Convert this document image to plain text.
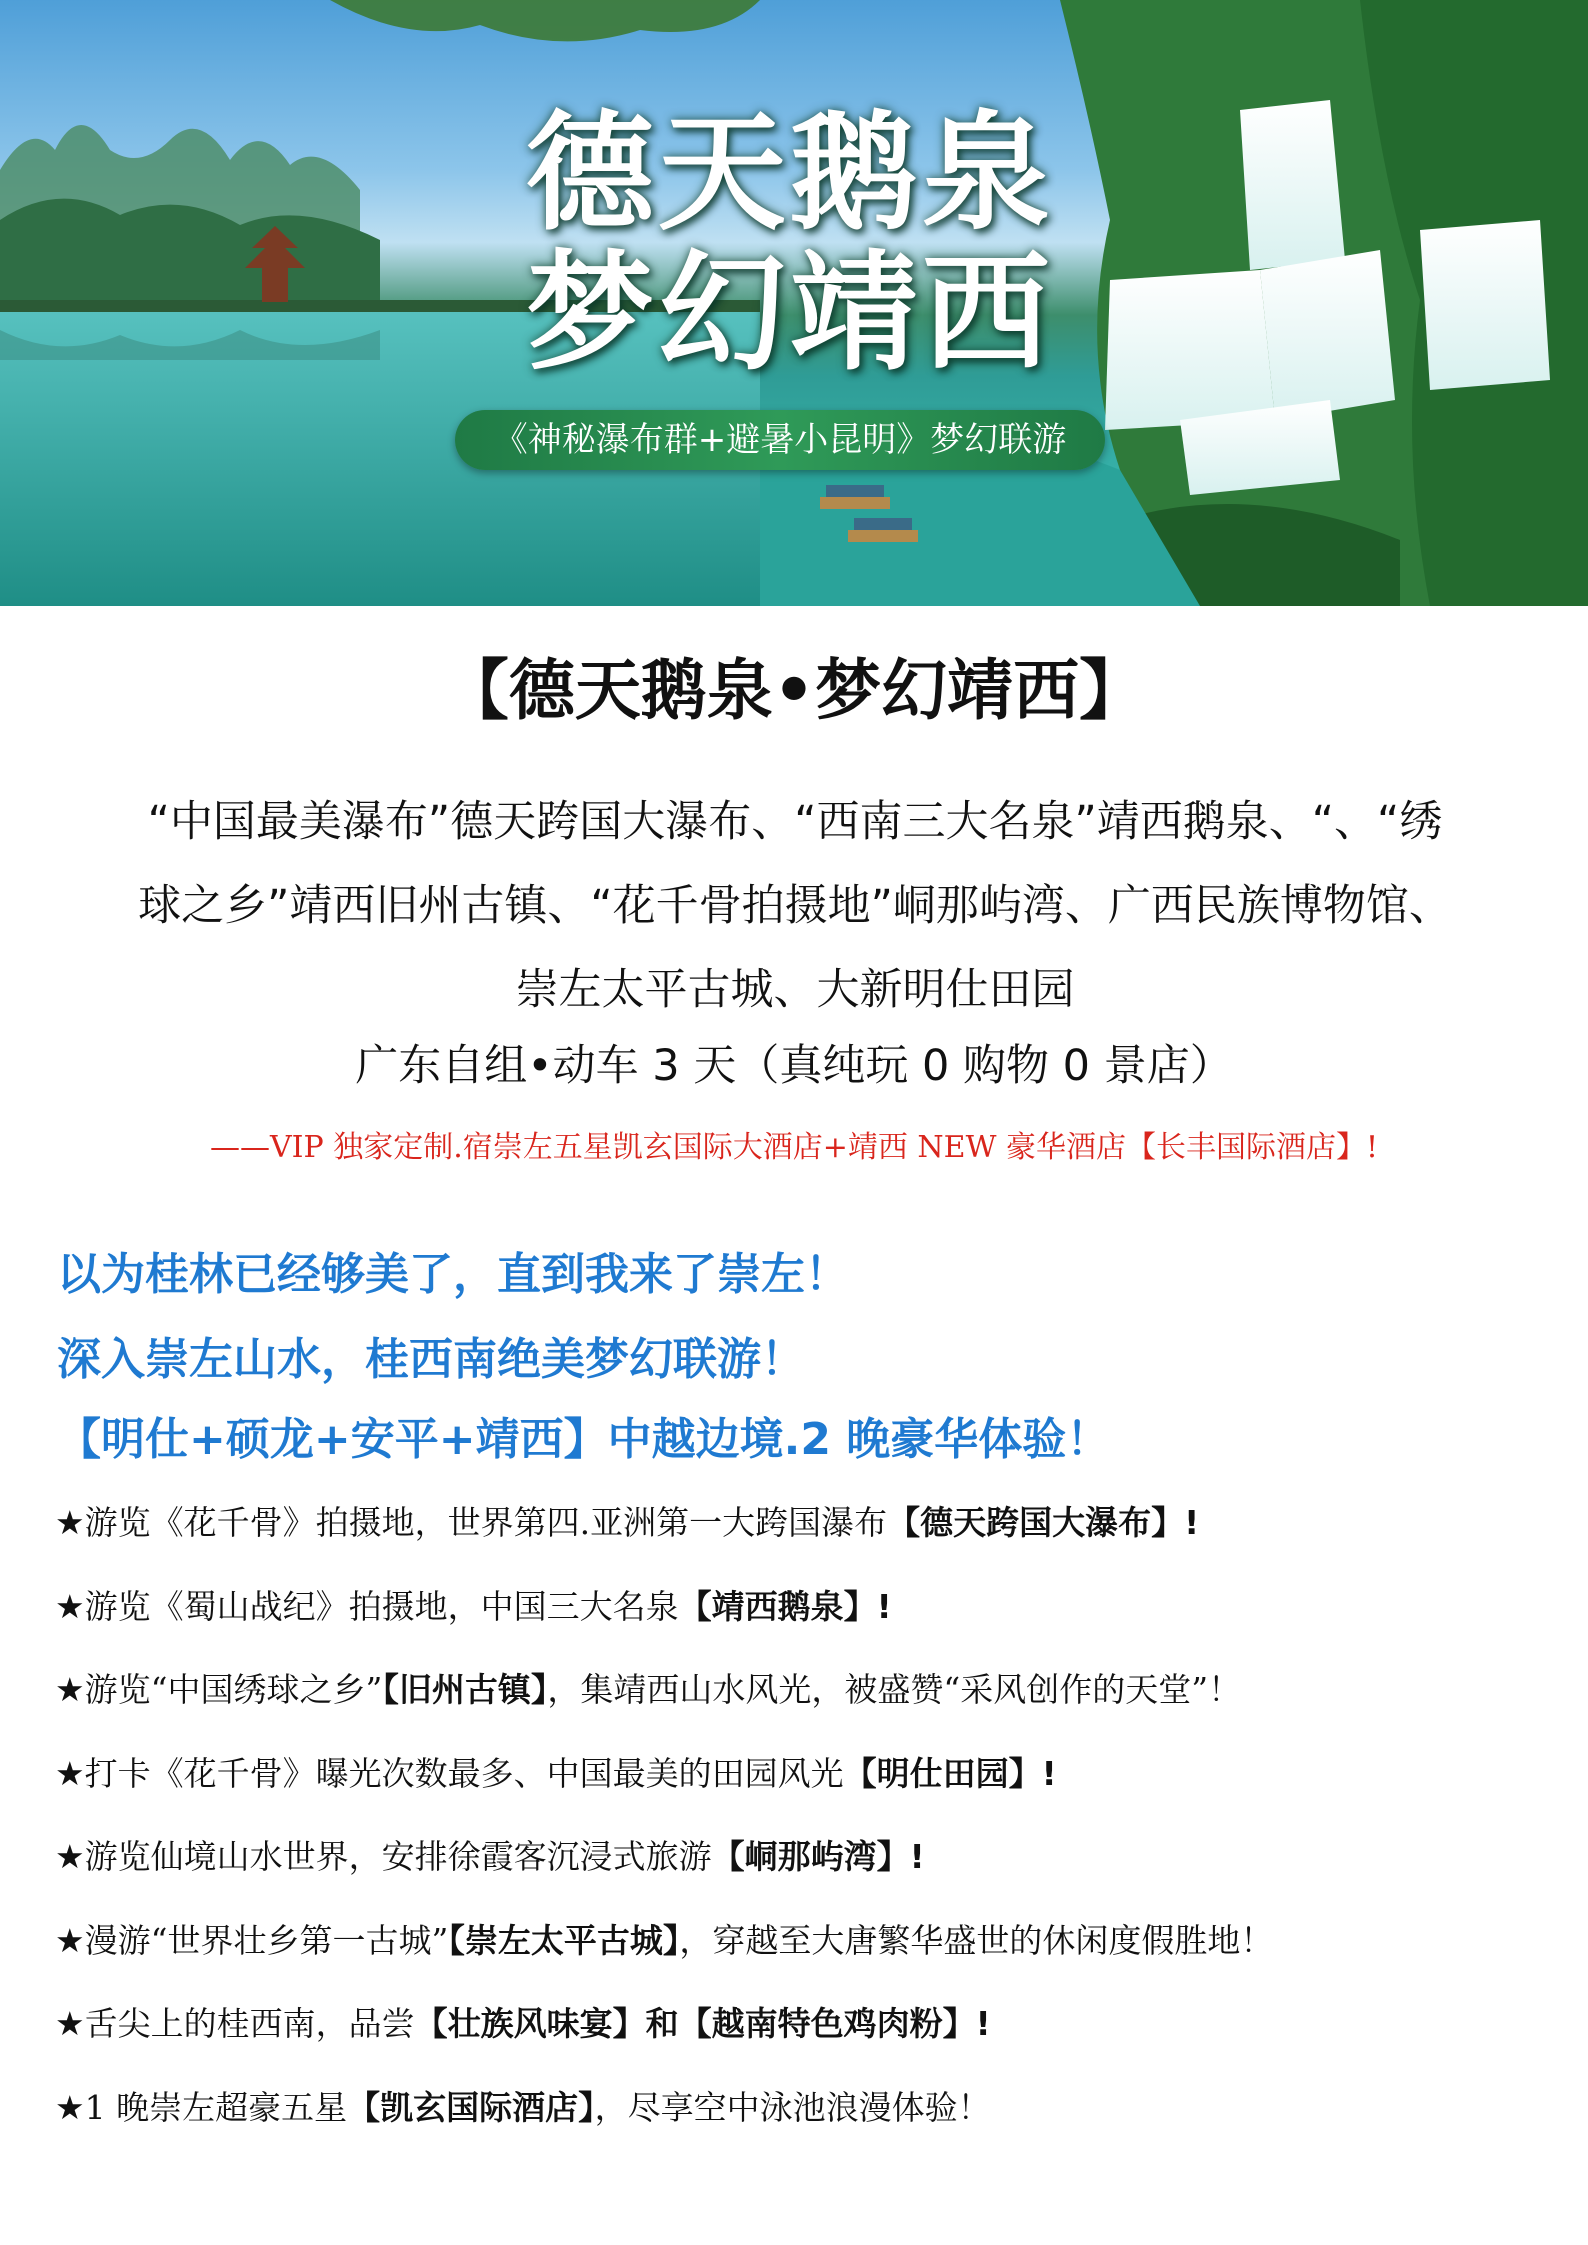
德天鹅泉
梦幻靖西
《神秘瀑布群+避暑小昆明》梦幻联游
【德天鹅泉•梦幻靖西】
“中国最美瀑布”德天跨国大瀑布、“西南三大名泉”靖西鹅泉、“、“绣
球之乡”靖西旧州古镇、“花千骨拍摄地”峒那屿湾、广西民族博物馆、
崇左太平古城、大新明仕田园
广东自组•动车 3 天（真纯玩 0 购物 0 景店）
——VIP 独家定制.宿崇左五星凯玄国际大酒店+靖西 NEW 豪华酒店【长丰国际酒店】!
以为桂林已经够美了，直到我来了崇左！
深入崇左山水，桂西南绝美梦幻联游！
【明仕+硕龙+安平+靖西】中越边境.2 晚豪华体验！
★游览《花千骨》拍摄地，世界第四.亚洲第一大跨国瀑布【德天跨国大瀑布】!
★游览《蜀山战纪》拍摄地，中国三大名泉【靖西鹅泉】!
★游览“中国绣球之乡”【旧州古镇】，集靖西山水风光，被盛赞“采风创作的天堂”！
★打卡《花千骨》曝光次数最多、中国最美的田园风光【明仕田园】!
★游览仙境山水世界，安排徐霞客沉浸式旅游【峒那屿湾】!
★漫游“世界壮乡第一古城”【崇左太平古城】，穿越至大唐繁华盛世的休闲度假胜地！
★舌尖上的桂西南，品尝【壮族风味宴】和【越南特色鸡肉粉】!
★1 晚崇左超豪五星【凯玄国际酒店】，尽享空中泳池浪漫体验！
